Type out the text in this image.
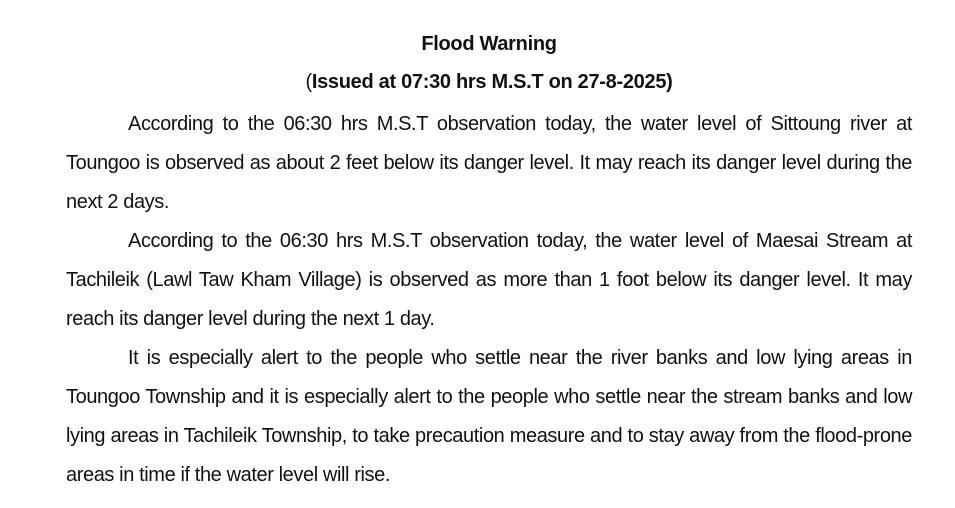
Flood Warning
(Issued at 07:30 hrs M.S.T on 27-8-2025)

According to the 06:30 hrs M.S.T observation today, the water level of Sittoung river at Toungoo is observed as about 2 feet below its danger level. It may reach its danger level during the next 2 days.

According to the 06:30 hrs M.S.T observation today, the water level of Maesai Stream at Tachileik (Lawl Taw Kham Village) is observed as more than 1 foot below its danger level. It may reach its danger level during the next 1 day.

It is especially alert to the people who settle near the river banks and low lying areas in Toungoo Township and it is especially alert to the people who settle near the stream banks and low lying areas in Tachileik Township, to take precaution measure and to stay away from the flood-prone areas in time if the water level will rise.
